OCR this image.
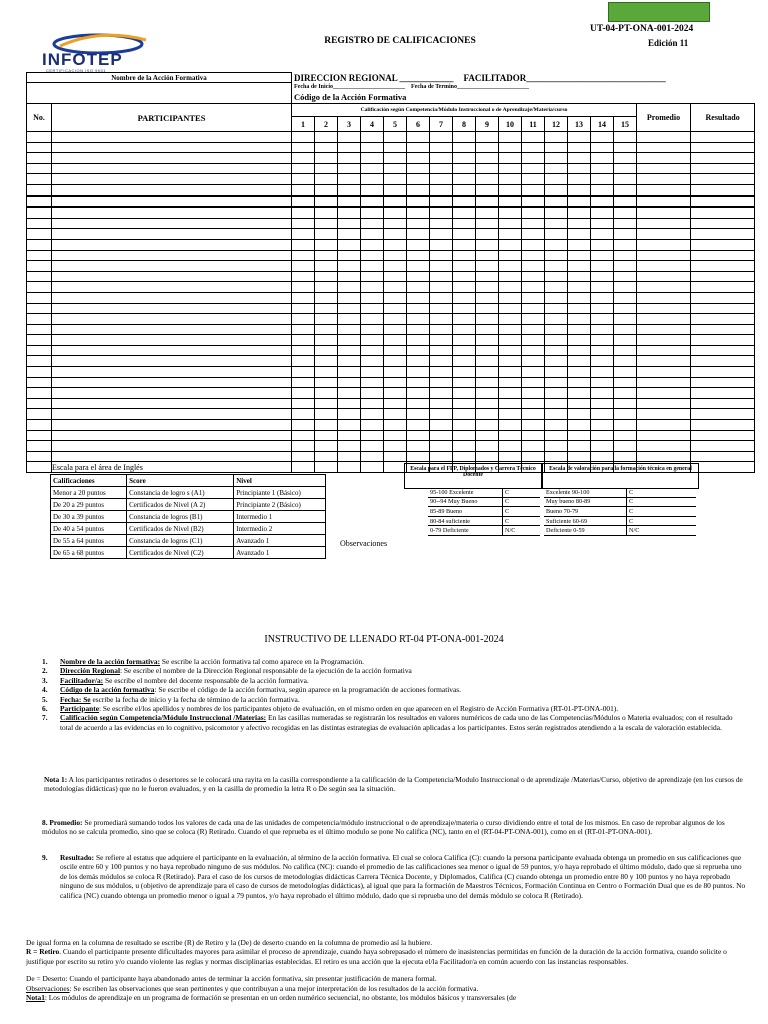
INFOTEP
CERTIFICACION ISO 9001
REGISTRO DE CALIFICACIONES
UT-04-PT-ONA-001-2024
Edición 11
Nombre de la Acción Formativa		DIRECCION REGIONAL ____________ FACILITADOR_______________________________																
		Fecha de Inicio________________________ Fecha de Termino________________________																
		Código de la Acción Formativa																
No.	PARTICIPANTES	Calificación según Competencia/Módulo Instruccional o de Aprendizaje/Materia/curso															Promedio	Resultado
		1	2	3	4	5	6	7	8	9	10	11	12	13	14	15		

Escala para el área de Inglés
Calificaciones	Score	Nivel
Menor a 20 puntos	Constancia de logro s (A1)	Principiante 1 (Básico)
De 20 a 29 puntos	Certificados de Nivel (A 2)	Principiante 2 (Básico)
De 30 a 39 puntos	Constancia de logros (B1)	Intermedio 1
De 40 a 54 puntos	Certificados de Nivel (B2)	Intermedio 2
De 55 a 64 puntos	Constancia de logros (C1)	Avanzado 1
De 65 a 68 puntos	Certificados de Nivel (C2)	Avanzado 1
Observaciones
Escala para el FFP, Diplomados y Carrera Técnico Docente
95-100 Excelente	C
90--94 Muy Bueno	C
85-89 Bueno	C
80-84 suficiente	C
0-79 Deficiente	N/C
Escala de valoración para la formación técnica en general
Excelente 90-100	C
Muy bueno 80-89	C
Bueno 70-79	C
Suficiente 60-69	C
Deficiente 0-59	N/C
INSTRUCTIVO DE LLENADO RT-04 PT-ONA-001-2024
1. Nombre de la acción formativa: Se escribe la acción formativa tal como aparece en la Programación.
2. Dirección Regional: Se escribe el nombre de la Dirección Regional responsable de la ejecución de la acción formativa
3. Facilitador/a: Se escribe el nombre del docente responsable de la acción formativa.
4. Código de la acción formativa: Se escribe el código de la acción formativa, según aparece en la programación de acciones formativas.
5. Fecha: Se escribe la fecha de inicio y la fecha de término de la acción formativa.
6. Participante: Se escribe el/los apellidos y nombres de los participantes objeto de evaluación, en el mismo orden en que aparecen en el Registro de Acción Formativa (RT-01-PT-ONA-001).
7. Calificación según Competencia/Módulo Instruccional /Materias: En las casillas numeradas se registrarán los resultados en valores numéricos de cada uno de las Competencias/Módulos o Materia evaluados; con el resultado total de acuerdo a las evidencias en lo cognitivo, psicomotor y afectivo recogidas en las distintas estrategias de evaluación aplicadas a los participantes. Estos serán registrados atendiendo a la escala de valoración establecida.

Nota 1: A los participantes retirados o desertores se le colocará una rayita en la casilla correspondiente a la calificación de la Competencia/Modulo Instruccional o de aprendizaje /Materias/Curso, objetivo de aprendizaje (en los cursos de metodologías didácticas) que no le fueron evaluados, y en la casilla de promedio la letra R o De según sea la situación.

8. Promedio: Se promediará sumando todos los valores de cada una de las unidades de competencia/módulo instruccional o de aprendizaje/materia o curso dividiendo entre el total de los mismos. En caso de reprobar algunos de los módulos no se calcula promedio, sino que se coloca (R) Retirado. Cuando el que reprueba es el último modulo se pone No califica (NC), tanto en el (RT-04-PT-ONA-001), como en el (RT-01-PT-ONA-001).

9. Resultado: Se refiere al estatus que adquiere el participante en la evaluación, al término de la acción formativa. El cual se coloca Califica (C): cuando la persona participante evaluada obtenga un promedio en sus calificaciones que oscile entre 60 y 100 puntos y no haya reprobado ninguno de sus módulos. No califica (NC): cuando el promedio de las calificaciones sea menor o igual de 59 puntos, y/o haya reprobado el último módulo, dado que si reprueba uno de los demás módulos se coloca R (Retirado). Para el caso de los cursos de metodologías didácticas Carrera Técnica Docente, y Diplomados, Califica (C) cuando obtenga un promedio entre 80 y 100 puntos y no haya reprobado ninguno de sus módulos, u (objetivo de aprendizaje para el caso de cursos de metodologías didácticas), al igual que para la formación de Maestros Técnicos, Formación Continua en Centro o Formación Dual que es de 80 puntos. No califica (NC) cuando obtenga un promedio menor o igual a 79 puntos, y/o haya reprobado el último módulo, dado que si reprueba uno del demás módulo se coloca R (Retirado).

De igual forma en la columna de resultado se escribe (R) de Retiro y la (De) de deserto cuando en la columna de promedio así la hubiere.

R = Retiro. Cuando el participante presente dificultades mayores para asimilar el proceso de aprendizaje, cuando haya sobrepasado el número de inasistencias permitidas en función de la duración de la acción formativa, cuando solicite o justifique por escrito su retiro y/o cuando violente las reglas y normas disciplinarias establecidas. El retiro es una acción que la ejecuta el/la Facilitador/a en común acuerdo con las instancias responsables.

De = Deserto: Cuando el participante haya abandonado antes de terminar la acción formativa, sin presentar justificación de manera formal.

Observaciones: Se escriben las observaciones que sean pertinentes y que contribuyan a una mejor interpretación de los resultados de la acción formativa.

Nota1: Los módulos de aprendizaje en un programa de formación se presentan en un orden numérico secuencial, no obstante, los módulos básicos y transversales (de
